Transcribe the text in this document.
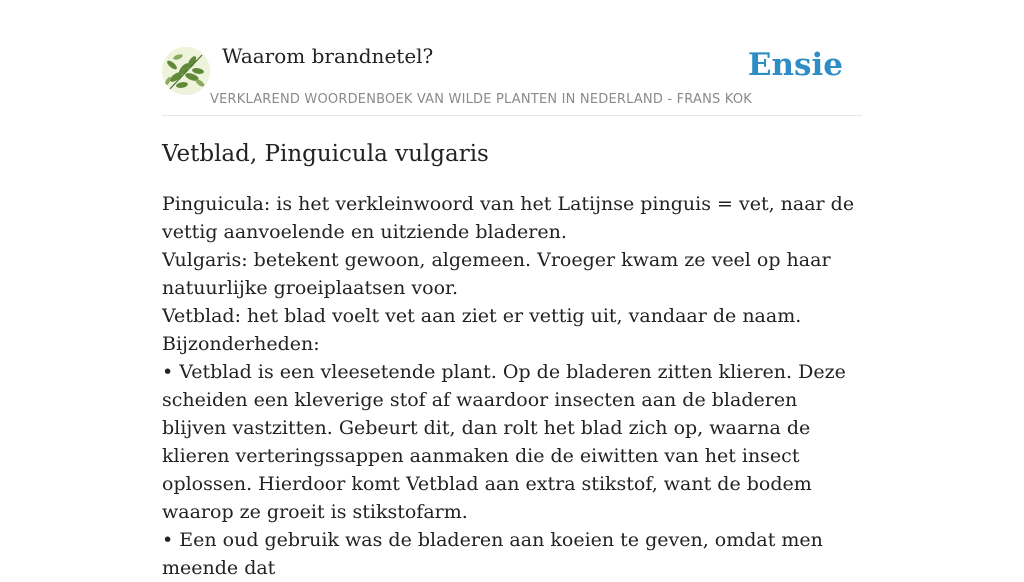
Waarom brandnetel?
VERKLAREND WOORDENBOEK VAN WILDE PLANTEN IN NEDERLAND - FRANS KOK
Ensie
Vetblad, Pinguicula vulgaris

Pinguicula: is het verkleinwoord van het Latijnse pinguis = vet, naar de vettig aanvoelende en uitziende bladeren.

Vulgaris: betekent gewoon, algemeen. Vroeger kwam ze veel op haar natuurlijke groeiplaatsen voor.

Vetblad: het blad voelt vet aan ziet er vettig uit, vandaar de naam.

Bijzonderheden:

• Vetblad is een vleesetende plant. Op de bladeren zitten klieren. Deze scheiden een kleverige stof af waardoor insecten aan de bladeren blijven vastzitten. Gebeurt dit, dan rolt het blad zich op, waarna de klieren verteringssappen aanmaken die de eiwitten van het insect oplossen. Hierdoor komt Vetblad aan extra stikstof, want de bodem waarop ze groeit is stikstofarm.

• Een oud gebruik was de bladeren aan koeien te geven, omdat men meende dat
